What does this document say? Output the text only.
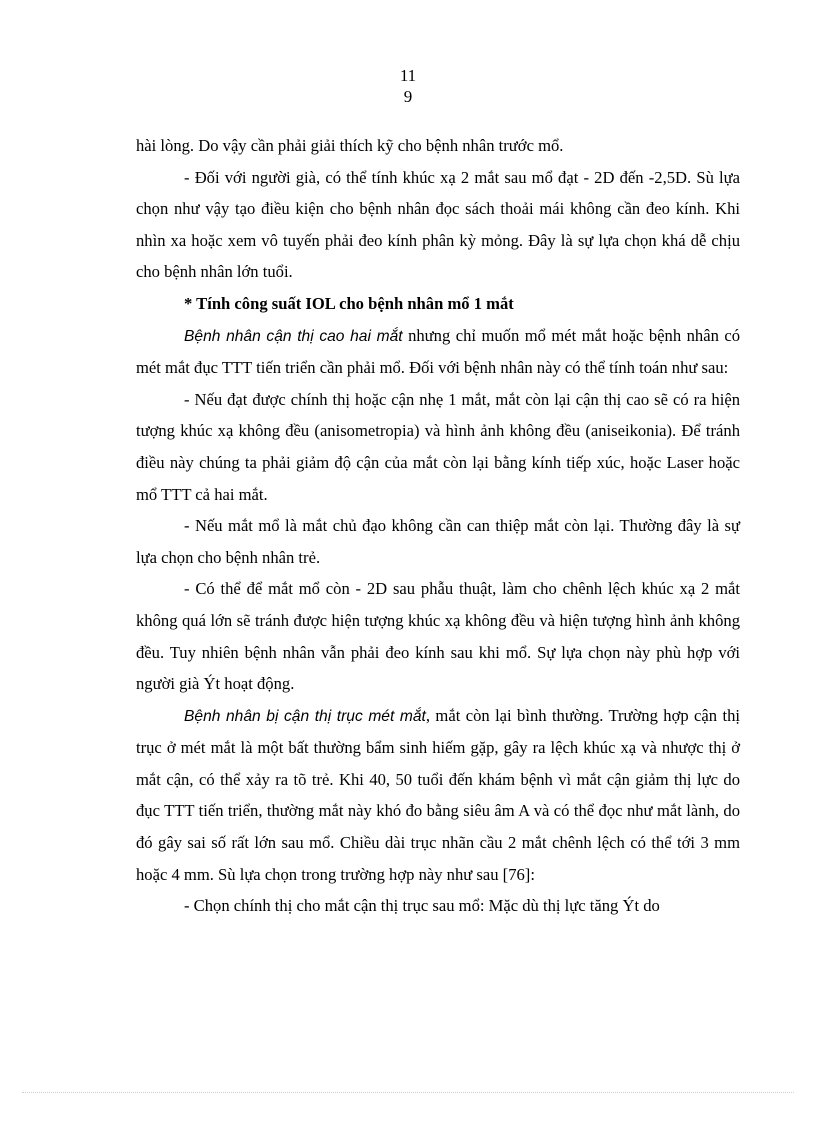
11
9

hài lòng. Do vậy cần phải giải thích kỹ cho bệnh nhân trước mổ.

- Đối với người già, có thể tính khúc xạ 2 mắt sau mổ đạt - 2D đến -2,5D. Sù lựa chọn như vậy tạo điều kiện cho bệnh nhân đọc sách thoải mái không cần đeo kính. Khi nhìn xa hoặc xem vô tuyến phải đeo kính phân kỳ mỏng. Đây là sự lựa chọn khá dễ chịu cho bệnh nhân lớn tuổi.

* Tính công suất IOL cho bệnh nhân mổ 1 mắt

Bệnh nhân cận thị cao hai mắt nhưng chỉ muốn mổ mét mắt hoặc bệnh nhân có mét mắt đục TTT tiến triển cần phải mổ. Đối với bệnh nhân này có thể tính toán như sau:

- Nếu đạt được chính thị hoặc cận nhẹ 1 mắt, mắt còn lại cận thị cao sẽ có ra hiện tượng khúc xạ không đều (anisometropia) và hình ảnh không đều (aniseikonia). Để tránh điều này chúng ta phải giảm độ cận của mắt còn lại bằng kính tiếp xúc, hoặc Laser hoặc mổ TTT cả hai mắt.

- Nếu mắt mổ là mắt chủ đạo không cần can thiệp mắt còn lại. Thường đây là sự lựa chọn cho bệnh nhân trẻ.

- Có thể để mắt mổ còn - 2D sau phẫu thuật, làm cho chênh lệch khúc xạ 2 mắt không quá lớn sẽ tránh được hiện tượng khúc xạ không đều và hiện tượng hình ảnh không đều. Tuy nhiên bệnh nhân vẫn phải đeo kính sau khi mổ. Sự lựa chọn này phù hợp với người già Ýt hoạt động.

Bệnh nhân bị cận thị trục mét mắt, mắt còn lại bình thường. Trường hợp cận thị trục ở mét mắt là một bất thường bẩm sinh hiếm gặp, gây ra lệch khúc xạ và nhược thị ở mắt cận, có thể xảy ra tõ trẻ. Khi 40, 50 tuổi đến khám bệnh vì mắt cận giảm thị lực do đục TTT tiến triển, thường mắt này khó đo bằng siêu âm A và có thể đọc như mắt lành, do đó gây sai số rất lớn sau mổ. Chiều dài trục nhãn cầu 2 mắt chênh lệch có thể tới 3 mm hoặc 4 mm. Sù lựa chọn trong trường hợp này như sau [76]:

- Chọn chính thị cho mắt cận thị trục sau mổ: Mặc dù thị lực tăng Ýt do
